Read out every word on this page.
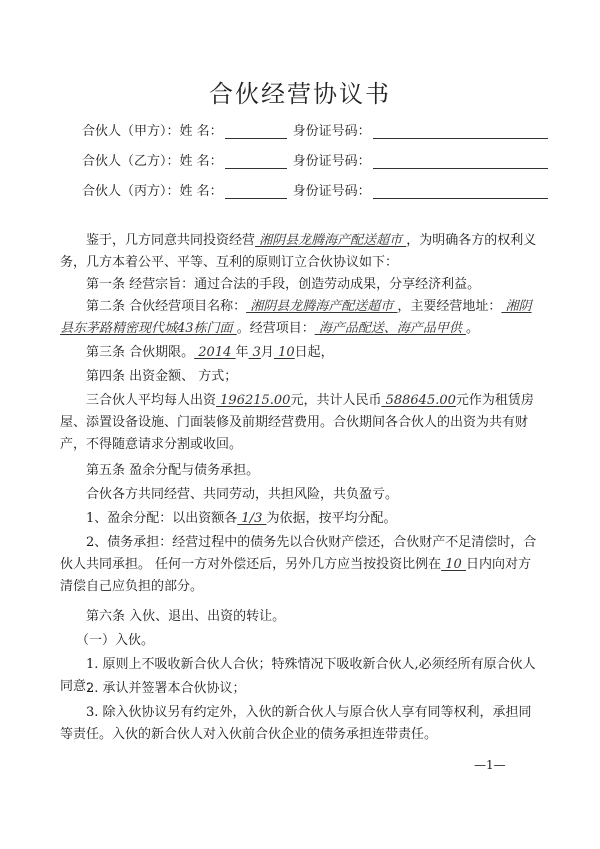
合伙经营协议书
合伙人（甲方）：姓 名：	身份证号码：
合伙人（乙方）：姓 名：	身份证号码：
合伙人（丙方）：姓 名：	身份证号码：
鉴于，几方同意共同投资经营 湘阴县龙腾海产配送超市 ，为明确各方的权利义务，几方本着公平、平等、互利的原则订立合伙协议如下：
第一条 经营宗旨：通过合法的手段，创造劳动成果，分享经济利益。
第二条 合伙经营项目名称： 湘阴县龙腾海产配送超市 ，主要经营地址： 湘阴县东茅路精密现代城43栋门面 。经营项目： 海产品配送、海产品甲供 。
第三条 合伙期限。 2014 年 3月 10日起，
第四条 出资金额、 方式；
三合伙人平均每人出资 196215.00元，共计人民币 588645.00元作为租赁房屋、添置设备设施、门面装修及前期经营费用。合伙期间各合伙人的出资为共有财产，不得随意请求分割或收回。
第五条 盈余分配与债务承担。
合伙各方共同经营、共同劳动，共担风险，共负盈亏。
1、盈余分配：以出资额各 1/3 为依据，按平均分配。
2、债务承担：经营过程中的债务先以合伙财产偿还，合伙财产不足清偿时，合伙人共同承担。 任何一方对外偿还后，另外几方应当按投资比例在 10 日内向对方清偿自己应负担的部分。
第六条 入伙、退出、出资的转让。
（一）入伙。
1. 原则上不吸收新合伙人合伙；特殊情况下吸收新合伙人,必须经所有原合伙人同意；
2. 承认并签署本合伙协议；
3. 除入伙协议另有约定外，入伙的新合伙人与原合伙人享有同等权利，承担同等责任。入伙的新合伙人对入伙前合伙企业的债务承担连带责任。
—1—
